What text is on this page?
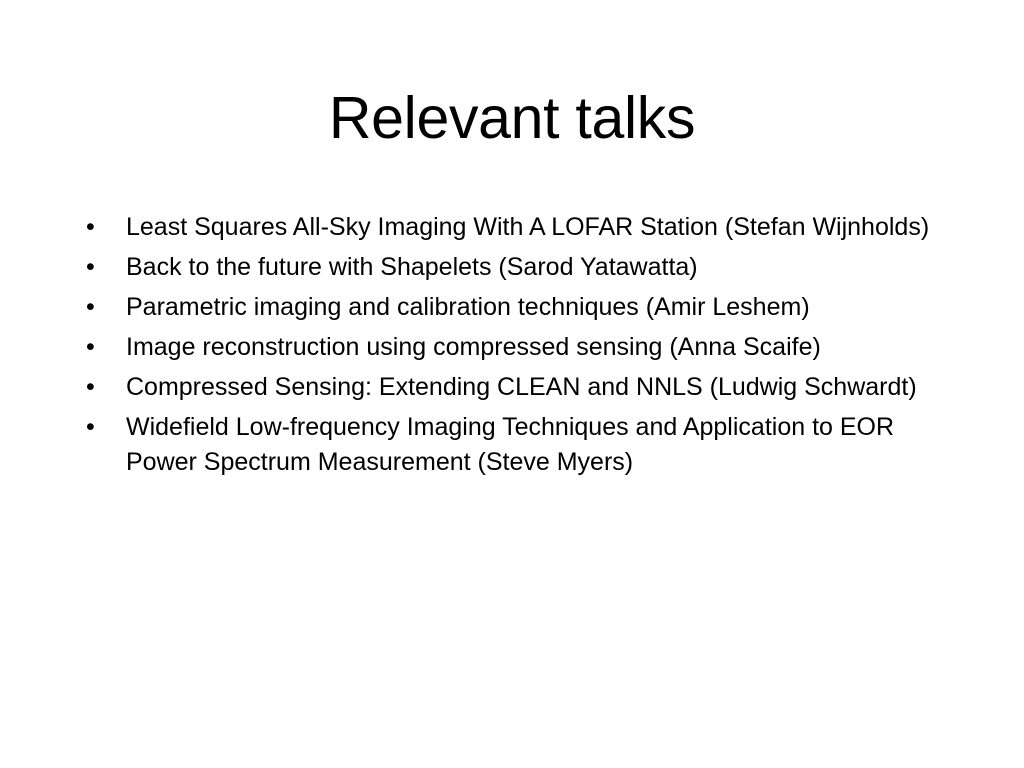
Relevant talks
•	Least Squares All-Sky Imaging With A LOFAR Station (Stefan Wijnholds)
•	Back to the future with Shapelets (Sarod Yatawatta)
•	Parametric imaging and calibration techniques (Amir Leshem)
•	Image reconstruction using compressed sensing (Anna Scaife)
•	Compressed Sensing: Extending CLEAN and NNLS (Ludwig Schwardt)
•	Widefield Low-frequency Imaging Techniques and Application to EOR Power Spectrum Measurement (Steve Myers)
